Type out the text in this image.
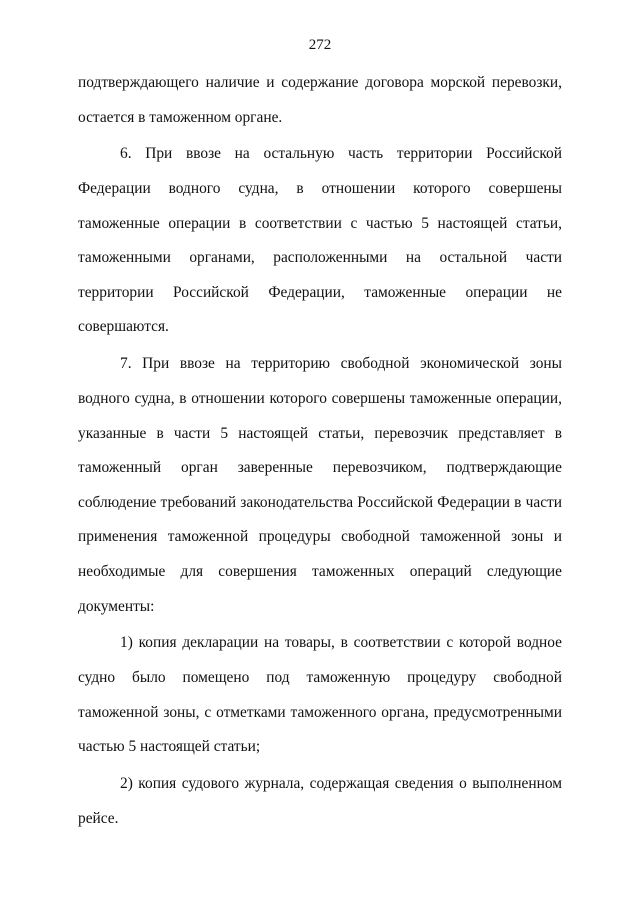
272

подтверждающего наличие и содержание договора морской перевозки, остается в таможенном органе.

6. При ввозе на остальную часть территории Российской Федерации водного судна, в отношении которого совершены таможенные операции в соответствии с частью 5 настоящей статьи, таможенными органами, расположенными на остальной части территории Российской Федерации, таможенные операции не совершаются.

7. При ввозе на территорию свободной экономической зоны водного судна, в отношении которого совершены таможенные операции, указанные в части 5 настоящей статьи, перевозчик представляет в таможенный орган заверенные перевозчиком, подтверждающие соблюдение требований законодательства Российской Федерации в части применения таможенной процедуры свободной таможенной зоны и необходимые для совершения таможенных операций следующие документы:

1) копия декларации на товары, в соответствии с которой водное судно было помещено под таможенную процедуру свободной таможенной зоны, с отметками таможенного органа, предусмотренными частью 5 настоящей статьи;

2) копия судового журнала, содержащая сведения о выполненном рейсе.
